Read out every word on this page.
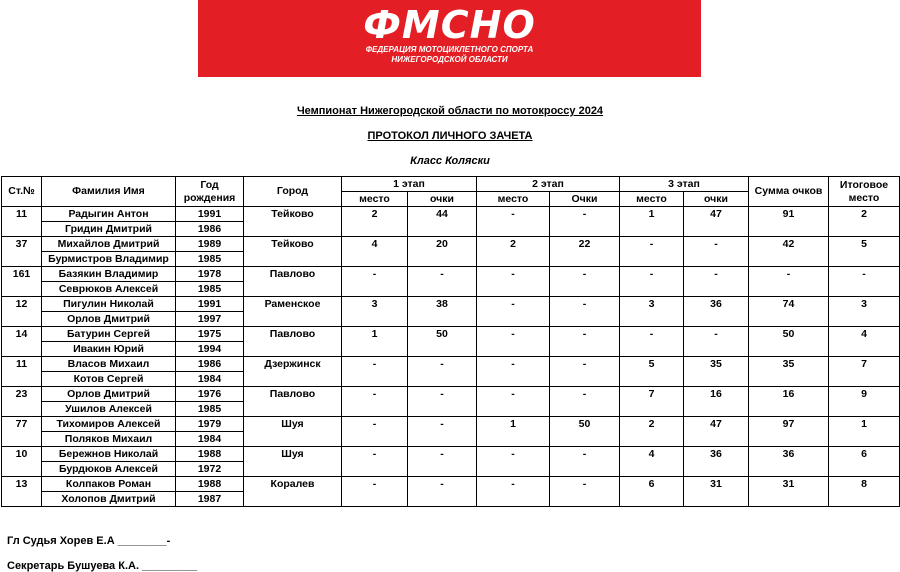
ФМСНО
ФЕДЕРАЦИЯ МОТОЦИКЛЕТНОГО СПОРТА
НИЖЕГОРОДСКОЙ ОБЛАСТИ
Чемпионат Нижегородской области по мотокроссу 2024
ПРОТОКОЛ ЛИЧНОГО ЗАЧЕТА
Класс Коляски
Ст.№	Фамилия Имя	Год рождения	Город	1 этап		2 этап		3 этап		Сумма очков	Итоговое место
				место	очки	место	Очки	место	очки		
11	Радыгин Антон	1991	Тейково	2	44	-	-	1	47	91	2
	Гридин Дмитрий	1986									
37	Михайлов Дмитрий	1989	Тейково	4	20	2	22	-	-	42	5
	Бурмистров Владимир	1985									
161	Базякин Владимир	1978	Павлово	-	-	-	-	-	-	-	-
	Севрюков Алексей	1985									
12	Пигулин Николай	1991	Раменское	3	38	-	-	3	36	74	3
	Орлов Дмитрий	1997									
14	Батурин Сергей	1975	Павлово	1	50	-	-	-	-	50	4
	Ивакин Юрий	1994									
11	Власов Михаил	1986	Дзержинск	-	-	-	-	5	35	35	7
	Котов Сергей	1984									
23	Орлов Дмитрий	1976	Павлово	-	-	-	-	7	16	16	9
	Ушилов Алексей	1985									
77	Тихомиров Алексей	1979	Шуя	-	-	1	50	2	47	97	1
	Поляков Михаил	1984									
10	Бережнов Николай	1988	Шуя	-	-	-	-	4	36	36	6
	Бурдюков Алексей	1972									
13	Колпаков Роман	1988	Коралев	-	-	-	-	6	31	31	8
	Холопов Дмитрий	1987									
Гл Судья Хорев Е.А ________-
Секретарь Бушуева К.А. _________
